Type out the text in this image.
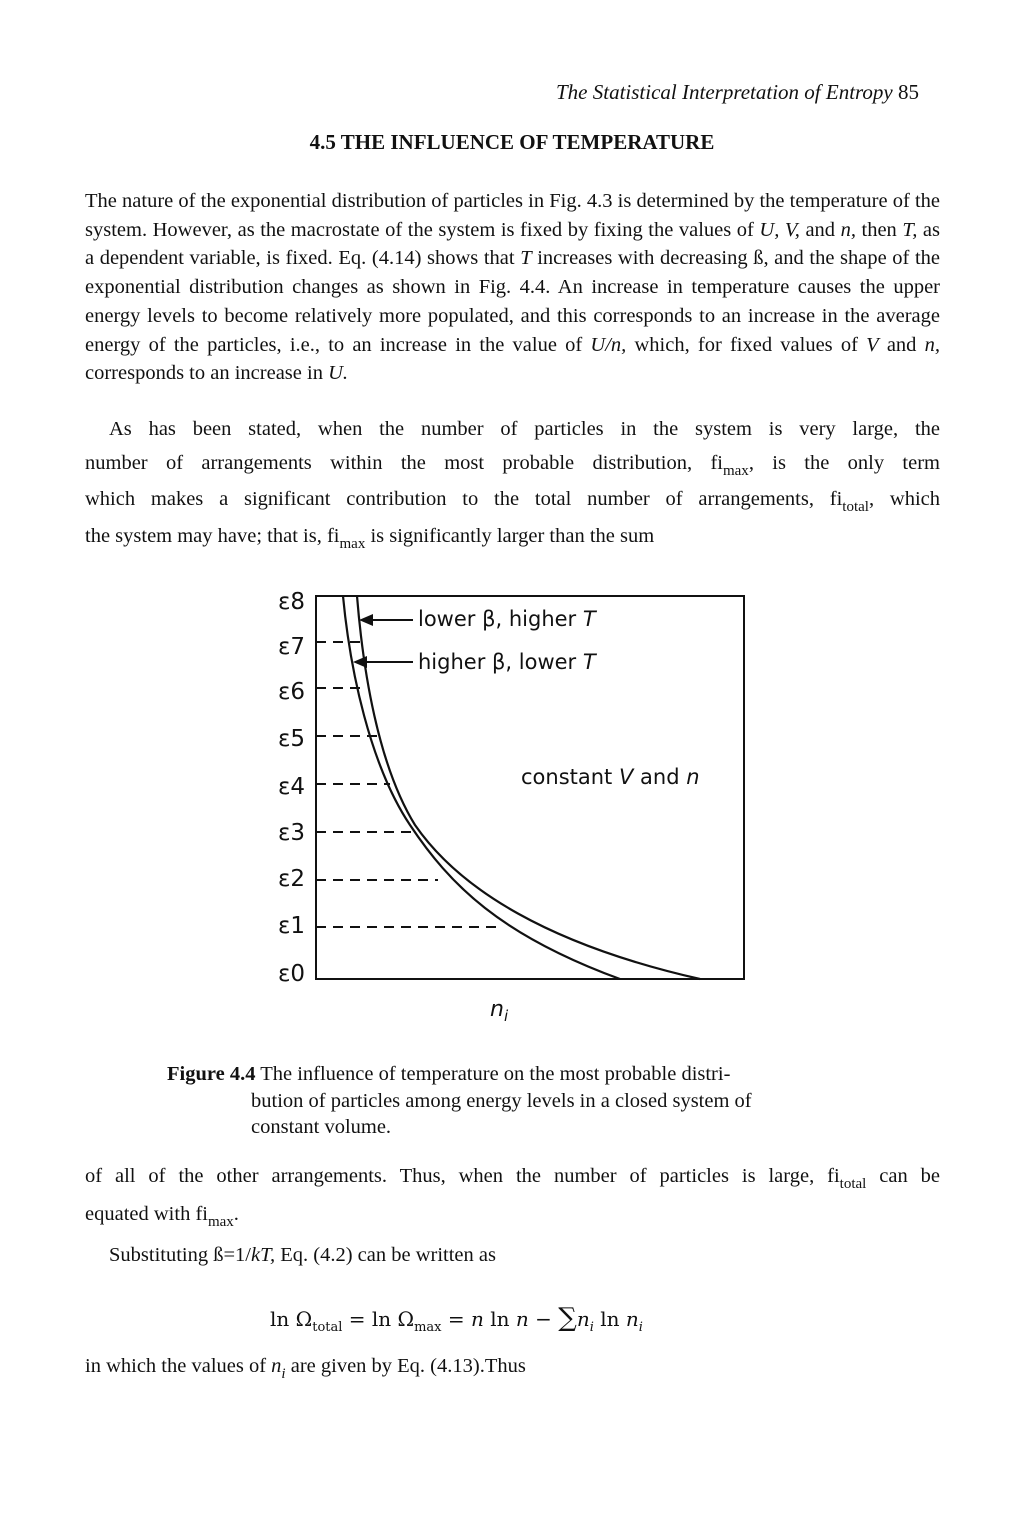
The Statistical Interpretation of Entropy 85
4.5 THE INFLUENCE OF TEMPERATURE
The nature of the exponential distribution of particles in Fig. 4.3 is determined by the temperature of the system. However, as the macrostate of the system is fixed by fixing the values of U, V, and n, then T, as a dependent variable, is fixed. Eq. (4.14) shows that T increases with decreasing ß, and the shape of the exponential distribution changes as shown in Fig. 4.4. An increase in temperature causes the upper energy levels to become relatively more populated, and this corresponds to an increase in the average energy of the particles, i.e., to an increase in the value of U/n, which, for fixed values of V and n, corresponds to an increase in U.
As has been stated, when the number of particles in the system is very large, the
number of arrangements within the most probable distribution, $fi_{max}$, is the only term
which makes a significant contribution to the total number of arrangements, $fi_{total}$, which
the system may have; that is, $fi_{max}$ is significantly larger than the sum
ε8
ε7
ε6
ε5
ε4
ε3
ε2
ε1
ε0
lower β, higher T
higher β, lower T
constant V and n
$n_i$
Figure 4.4 The influence of temperature on the most probable distri-
bution of particles among energy levels in a closed system of
constant volume.
of all of the other arrangements. Thus, when the number of particles is large, $fi_{total}$ can be
equated with $fi_{max}$.
Substituting ß=1/kT, Eq. (4.2) can be written as
$\ln \Omega_{total} = \ln \Omega_{max} = n$ $\ln n - \sum n_i$ $\ln n_i$
in which the values of $n_i$ are given by Eq. (4.13).Thus
